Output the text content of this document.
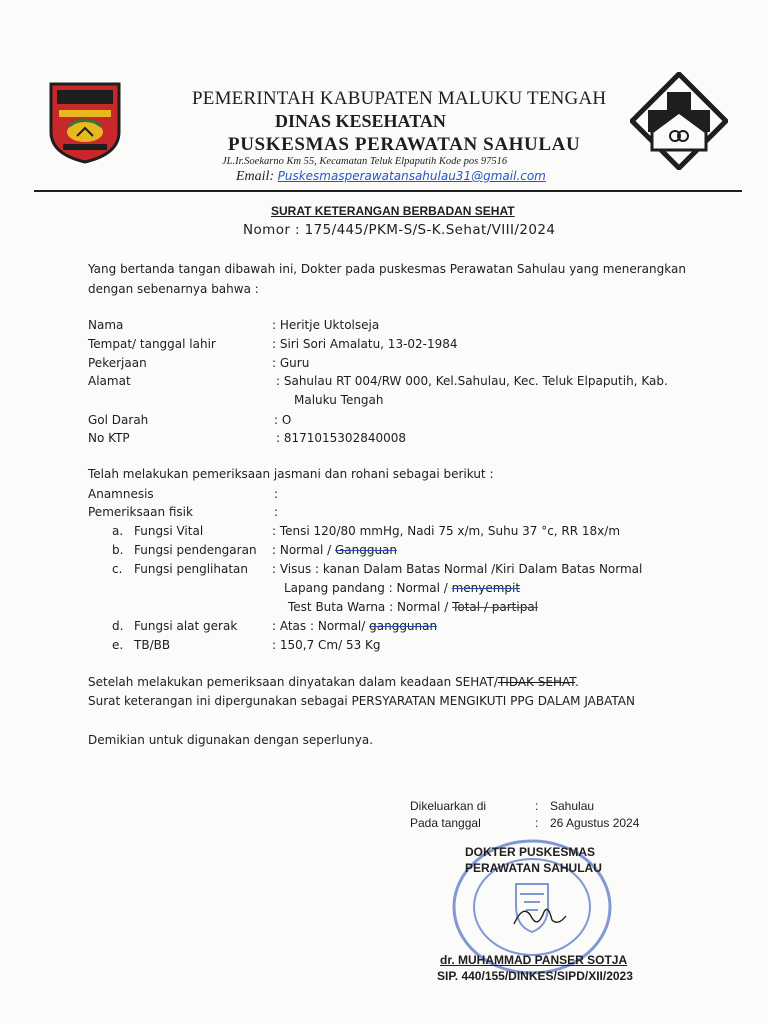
PEMERINTAH KABUPATEN MALUKU TENGAH
DINAS KESEHATAN
PUSKESMAS PERAWATAN SAHULAU
JL.Ir.Soekarno Km 55, Kecamatan Teluk Elpaputih Kode pos 97516
Email: Puskesmasperawatansahulau31@gmail.com
SURAT KETERANGAN BERBADAN SEHAT
Nomor : 175/445/PKM-S/S-K.Sehat/VIII/2024
Yang bertanda tangan dibawah ini, Dokter pada puskesmas Perawatan Sahulau yang menerangkan
dengan sebenarnya bahwa :
Nama	: Heritje Uktolseja
Tempat/ tanggal lahir	: Siri Sori Amalatu, 13-02-1984
Pekerjaan	: Guru
Alamat	: Sahulau RT 004/RW 000, Kel.Sahulau, Kec. Teluk Elpaputih, Kab.
Maluku Tengah
Gol Darah	: O
No KTP	: 8171015302840008
Telah melakukan pemeriksaan jasmani dan rohani sebagai berikut :
Anamnesis	:
Pemeriksaan fisik	:
a. Fungsi Vital	: Tensi 120/80 mmHg, Nadi 75 x/m, Suhu 37 °c, RR 18x/m
b. Fungsi pendengaran : Normal / Gangguan
c. Fungsi penglihatan : Visus : kanan Dalam Batas Normal /Kiri Dalam Batas Normal
Lapang pandang : Normal / menyempit
Test Buta Warna : Normal / Total / partipal
d. Fungsi alat gerak	: Atas : Normal/ ganggunan
e. TB/BB	: 150,7 Cm/ 53 Kg
Setelah melakukan pemeriksaan dinyatakan dalam keadaan SEHAT/TIDAK SEHAT.
Surat keterangan ini dipergunakan sebagai PERSYARATAN MENGIKUTI PPG DALAM JABATAN
Demikian untuk digunakan dengan seperlunya.
Dikeluarkan di	: Sahulau
Pada tanggal	: 26 Agustus 2024
DOKTER PUSKESMAS
PERAWATAN SAHULAU
dr. MUHAMMAD PANSER SOTJA
SIP. 440/155/DINKES/SIPD/XII/2023
